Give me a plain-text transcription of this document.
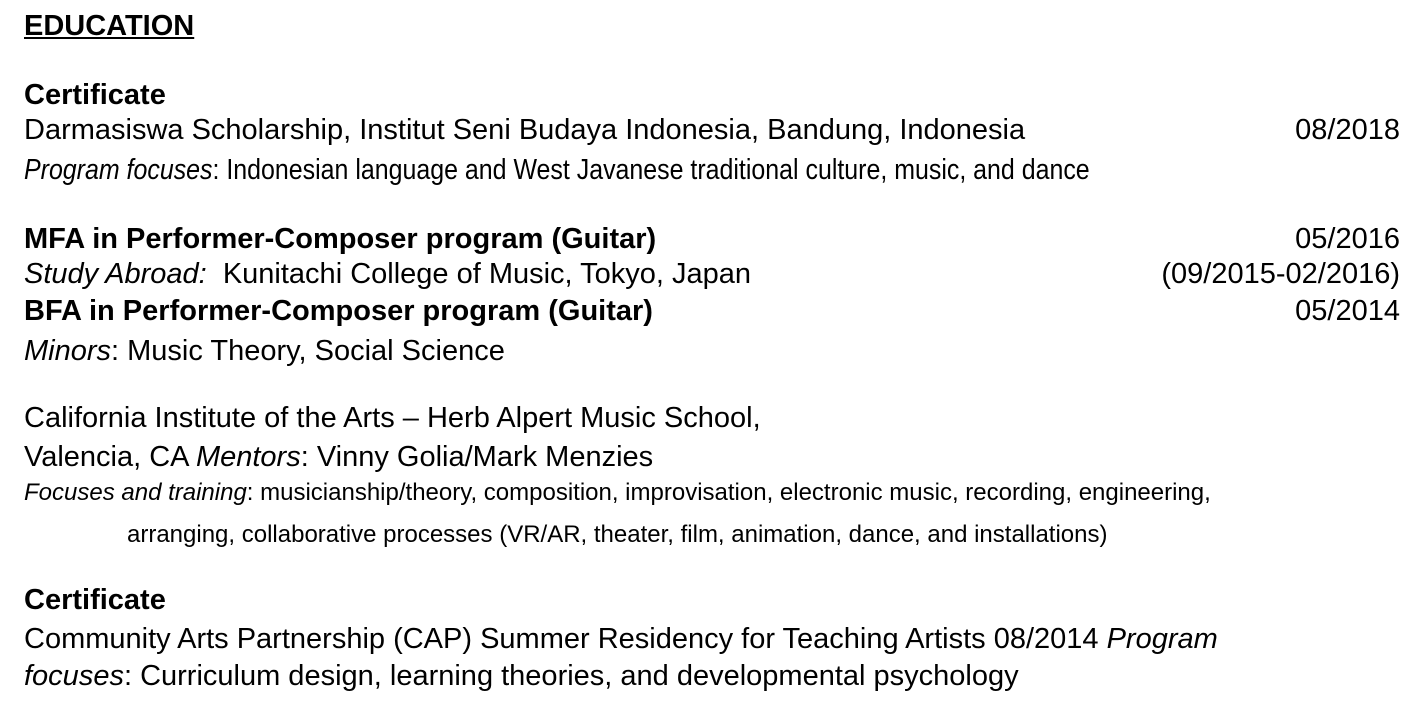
EDUCATION
Certificate
Darmasiswa Scholarship, Institut Seni Budaya Indonesia, Bandung, Indonesia	08/2018
Program focuses: Indonesian language and West Javanese traditional culture, music, and dance
MFA in Performer-Composer program (Guitar)	05/2016
Study Abroad:  Kunitachi College of Music, Tokyo, Japan	(09/2015-02/2016)
BFA in Performer-Composer program (Guitar)	05/2014
Minors: Music Theory, Social Science
California Institute of the Arts – Herb Alpert Music School,
Valencia, CA Mentors: Vinny Golia/Mark Menzies
Focuses and training: musicianship/theory, composition, improvisation, electronic music, recording, engineering,
arranging, collaborative processes (VR/AR, theater, film, animation, dance, and installations)
Certificate
Community Arts Partnership (CAP) Summer Residency for Teaching Artists 08/2014 Program
focuses: Curriculum design, learning theories, and developmental psychology
